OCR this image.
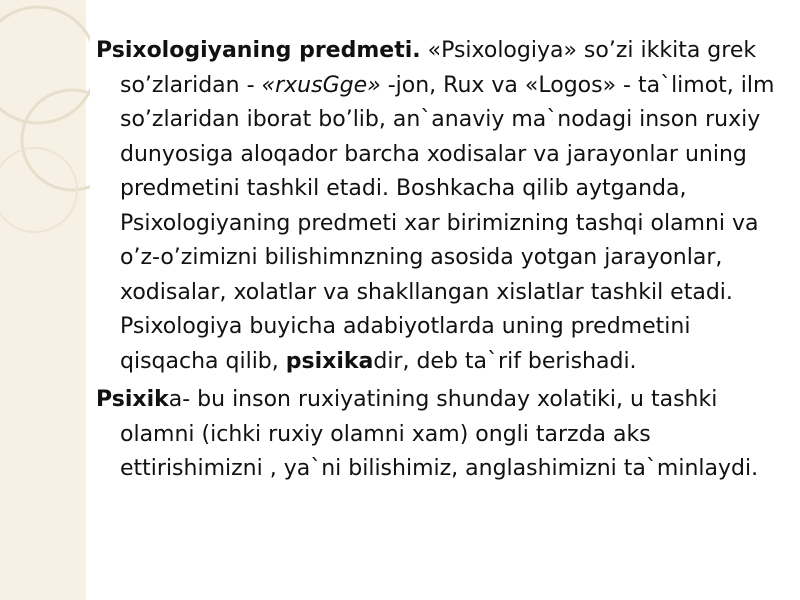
Psixologiyaning predmeti. «Psixologiya» so’zi ikkita grek so’zlaridan - «rxusGge» -jon, Rux va «Logos» - ta`limot, ilm so’zlaridan iborat bo’lib, an`anaviy ma`nodagi inson ruxiy dunyosiga aloqador barcha xodisalar va jarayonlar uning predmetini tashkil etadi. Boshkacha qilib aytganda, Psixologiyaning predmeti xar birimizning tashqi olamni va o’z-o’zimizni bilishimnzning asosida yotgan jarayonlar, xodisalar, xolatlar va shakllangan xislatlar tashkil etadi. Psixologiya buyicha adabiyotlarda uning predmetini qisqacha qilib, psixikadir, deb ta`rif berishadi.

Psixika- bu inson ruxiyatining shunday xolatiki, u tashki olamni (ichki ruxiy olamni xam) ongli tarzda aks ettirishimizni , ya`ni bilishimiz, anglashimizni ta`minlaydi.
